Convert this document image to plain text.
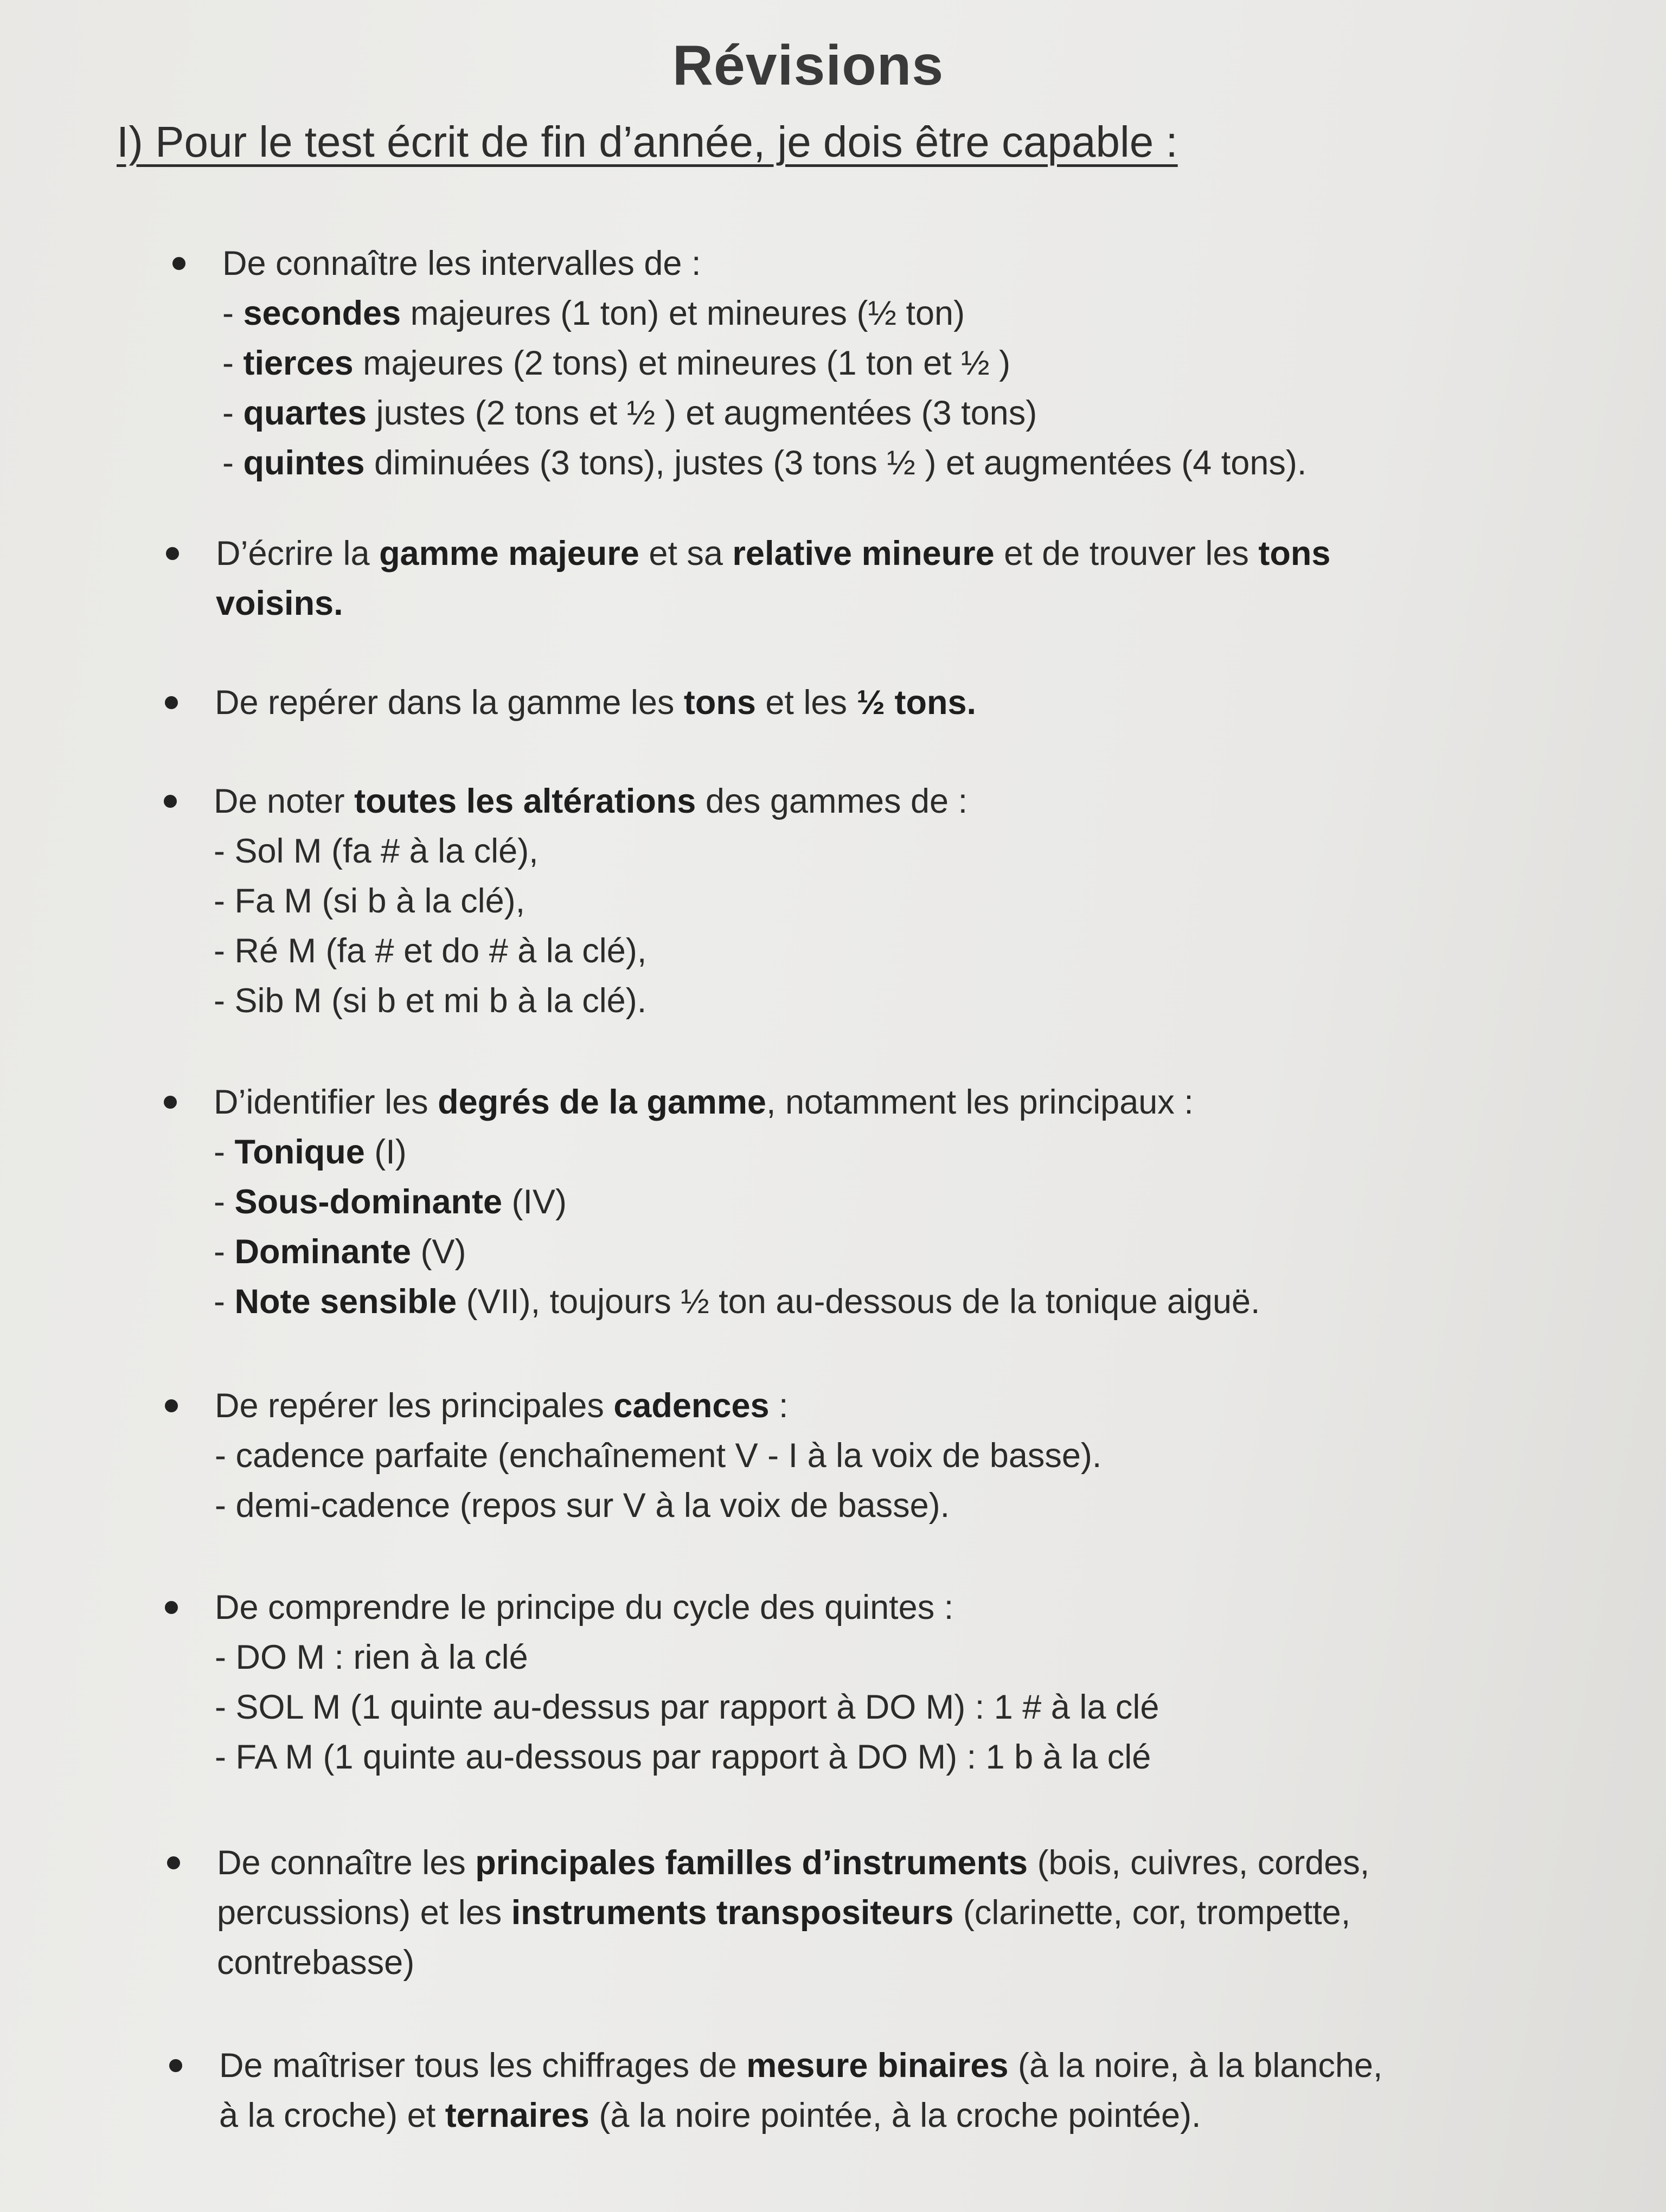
Révisions
I) Pour le test écrit de fin d’année, je dois être capable :
De connaître les intervalles de :
- secondes majeures (1 ton) et mineures (½ ton)
- tierces majeures (2 tons) et mineures (1 ton et ½ )
- quartes justes (2 tons et ½ ) et augmentées (3 tons)
- quintes diminuées (3 tons), justes (3 tons ½ ) et augmentées (4 tons).
D’écrire la gamme majeure et sa relative mineure et de trouver les tons
voisins.
De repérer dans la gamme les tons et les ½ tons.
De noter toutes les altérations des gammes de :
- Sol M (fa # à la clé),
- Fa M (si b à la clé),
- Ré M (fa # et do # à la clé),
- Sib M (si b et mi b à la clé).
D’identifier les degrés de la gamme, notamment les principaux :
- Tonique (I)
- Sous-dominante (IV)
- Dominante (V)
- Note sensible (VII), toujours ½ ton au-dessous de la tonique aiguë.
De repérer les principales cadences :
- cadence parfaite (enchaînement V - I à la voix de basse).
- demi-cadence (repos sur V à la voix de basse).
De comprendre le principe du cycle des quintes :
- DO M : rien à la clé
- SOL M (1 quinte au-dessus par rapport à DO M) : 1 # à la clé
- FA M (1 quinte au-dessous par rapport à DO M) : 1 b à la clé
De connaître les principales familles d’instruments (bois, cuivres, cordes,
percussions) et les instruments transpositeurs (clarinette, cor, trompette,
contrebasse)
De maîtriser tous les chiffrages de mesure binaires (à la noire, à la blanche,
à la croche) et ternaires (à la noire pointée, à la croche pointée).
